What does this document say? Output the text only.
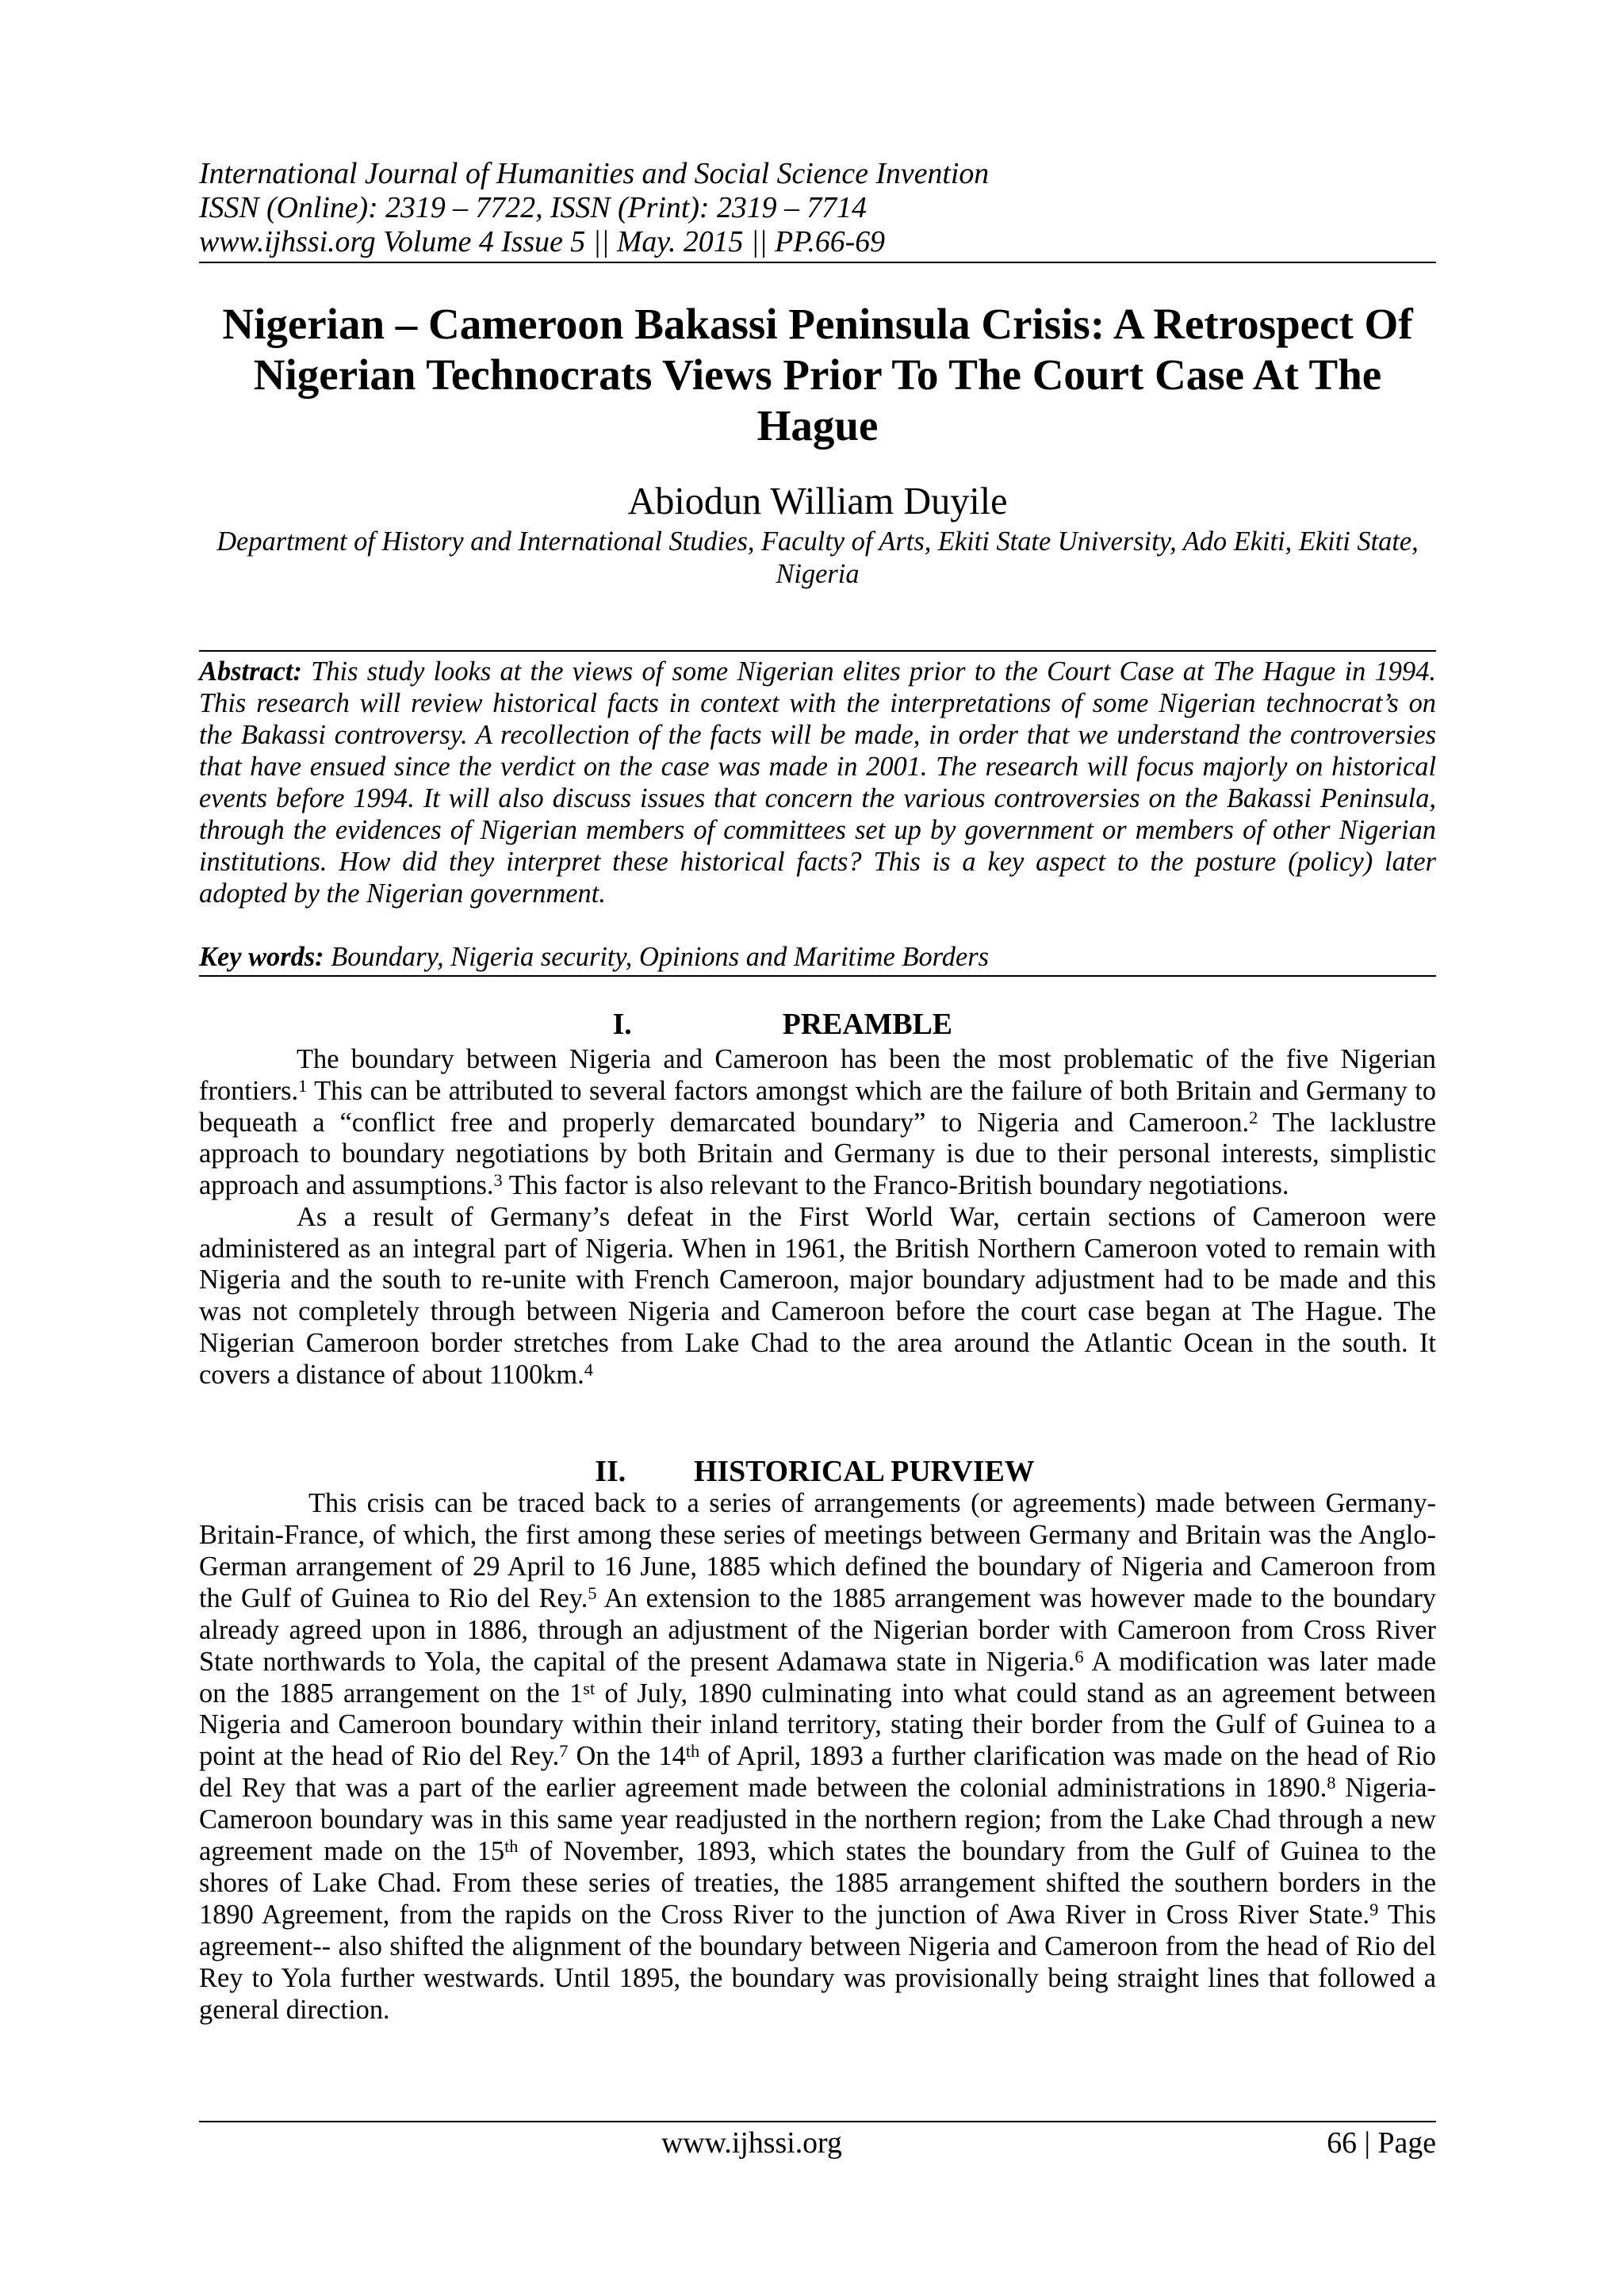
International Journal of Humanities and Social Science Invention
ISSN (Online): 2319 – 7722, ISSN (Print): 2319 – 7714
www.ijhssi.org Volume 4 Issue 5 || May. 2015 || PP.66-69
Nigerian – Cameroon Bakassi Peninsula Crisis: A Retrospect Of
Nigerian Technocrats Views Prior To The Court Case At The
Hague
Abiodun William Duyile
Department of History and International Studies, Faculty of Arts, Ekiti State University, Ado Ekiti, Ekiti State,
Nigeria
Abstract: This study looks at the views of some Nigerian elites prior to the Court Case at The Hague in 1994.
This research will review historical facts in context with the interpretations of some Nigerian technocrat’s on
the Bakassi controversy. A recollection of the facts will be made, in order that we understand the controversies
that have ensued since the verdict on the case was made in 2001. The research will focus majorly on historical
events before 1994. It will also discuss issues that concern the various controversies on the Bakassi Peninsula,
through the evidences of Nigerian members of committees set up by government or members of other Nigerian
institutions. How did they interpret these historical facts? This is a key aspect to the posture (policy) later
adopted by the Nigerian government.
Key words: Boundary, Nigeria security, Opinions and Maritime Borders
I.	PREAMBLE
The boundary between Nigeria and Cameroon has been the most problematic of the five Nigerian
frontiers.$^1$ This can be attributed to several factors amongst which are the failure of both Britain and Germany to
bequeath a “conflict free and properly demarcated boundary” to Nigeria and Cameroon.$^2$ The lacklustre
approach to boundary negotiations by both Britain and Germany is due to their personal interests, simplistic
approach and assumptions.$^3$ This factor is also relevant to the Franco-British boundary negotiations.
As a result of Germany’s defeat in the First World War, certain sections of Cameroon were
administered as an integral part of Nigeria. When in 1961, the British Northern Cameroon voted to remain with
Nigeria and the south to re-unite with French Cameroon, major boundary adjustment had to be made and this
was not completely through between Nigeria and Cameroon before the court case began at The Hague. The
Nigerian Cameroon border stretches from Lake Chad to the area around the Atlantic Ocean in the south. It
covers a distance of about 1100km.$^4$
II. HISTORICAL PURVIEW
This crisis can be traced back to a series of arrangements (or agreements) made between Germany-
Britain-France, of which, the first among these series of meetings between Germany and Britain was the Anglo-
German arrangement of 29 April to 16 June, 1885 which defined the boundary of Nigeria and Cameroon from
the Gulf of Guinea to Rio del Rey.$^5$ An extension to the 1885 arrangement was however made to the boundary
already agreed upon in 1886, through an adjustment of the Nigerian border with Cameroon from Cross River
State northwards to Yola, the capital of the present Adamawa state in Nigeria.$^6$ A modification was later made
on the 1885 arrangement on the 1st of July, 1890 culminating into what could stand as an agreement between
Nigeria and Cameroon boundary within their inland territory, stating their border from the Gulf of Guinea to a
point at the head of Rio del Rey.$^7$ On the 14th of April, 1893 a further clarification was made on the head of Rio
del Rey that was a part of the earlier agreement made between the colonial administrations in 1890.$^8$ Nigeria-
Cameroon boundary was in this same year readjusted in the northern region; from the Lake Chad through a new
agreement made on the 15th of November, 1893, which states the boundary from the Gulf of Guinea to the
shores of Lake Chad. From these series of treaties, the 1885 arrangement shifted the southern borders in the
1890 Agreement, from the rapids on the Cross River to the junction of Awa River in Cross River State.$^9$ This
agreement-- also shifted the alignment of the boundary between Nigeria and Cameroon from the head of Rio del
Rey to Yola further westwards. Until 1895, the boundary was provisionally being straight lines that followed a
general direction.
www.ijhssi.org	66 | Page
